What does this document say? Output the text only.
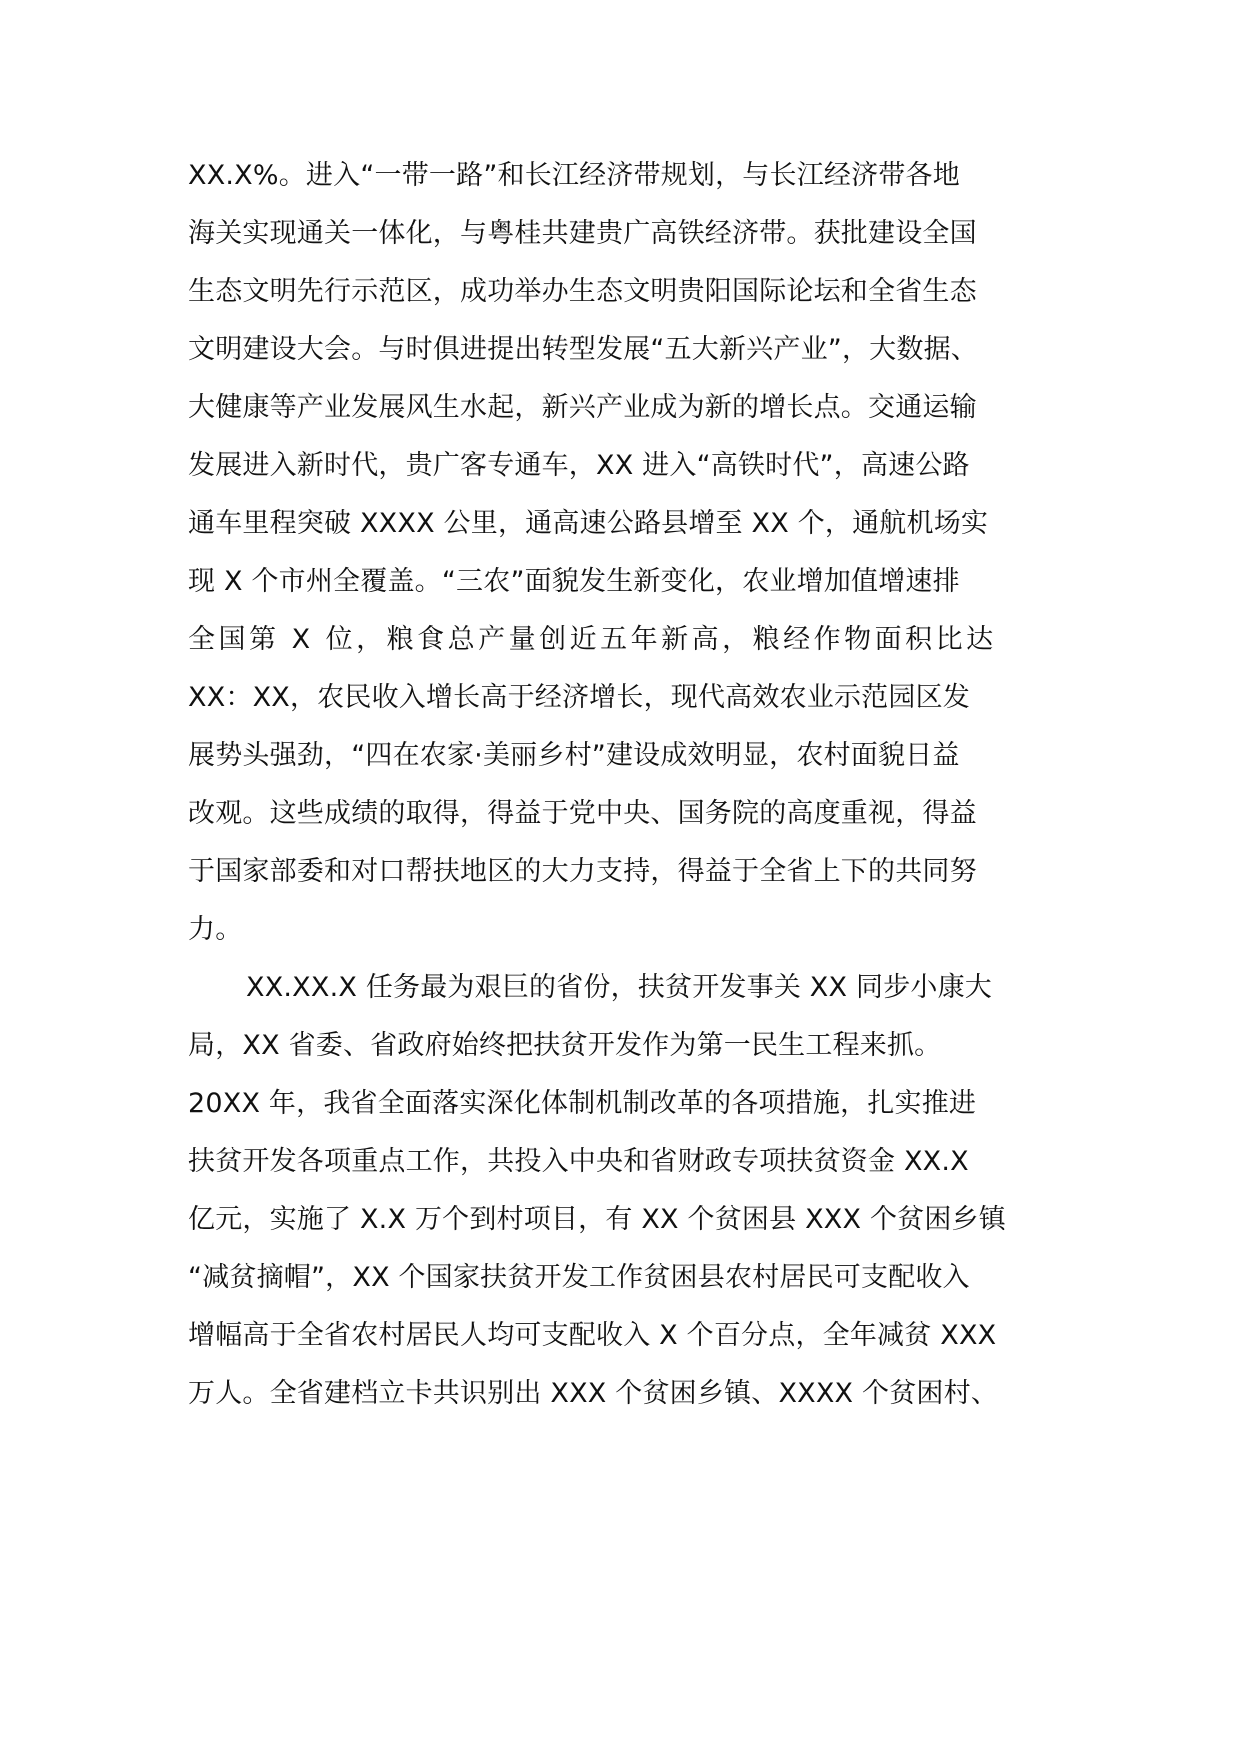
XX.X%。进入“一带一路”和长江经济带规划，与长江经济带各地
海关实现通关一体化，与粤桂共建贵广高铁经济带。获批建设全国
生态文明先行示范区，成功举办生态文明贵阳国际论坛和全省生态
文明建设大会。与时俱进提出转型发展“五大新兴产业”，大数据、
大健康等产业发展风生水起，新兴产业成为新的增长点。交通运输
发展进入新时代，贵广客专通车，XX 进入“高铁时代”，高速公路
通车里程突破 XXXX 公里，通高速公路县增至 XX 个，通航机场实
现 X 个市州全覆盖。“三农”面貌发生新变化，农业增加值增速排
全国第 X 位，粮食总产量创近五年新高，粮经作物面积比达
XX：XX，农民收入增长高于经济增长，现代高效农业示范园区发
展势头强劲，“四在农家·美丽乡村”建设成效明显，农村面貌日益
改观。这些成绩的取得，得益于党中央、国务院的高度重视，得益
于国家部委和对口帮扶地区的大力支持，得益于全省上下的共同努
力。
XX.XX.X 任务最为艰巨的省份，扶贫开发事关 XX 同步小康大
局，XX 省委、省政府始终把扶贫开发作为第一民生工程来抓。
20XX 年，我省全面落实深化体制机制改革的各项措施，扎实推进
扶贫开发各项重点工作，共投入中央和省财政专项扶贫资金 XX.X
亿元，实施了 X.X 万个到村项目，有 XX 个贫困县 XXX 个贫困乡镇
“减贫摘帽”，XX 个国家扶贫开发工作贫困县农村居民可支配收入
增幅高于全省农村居民人均可支配收入 X 个百分点，全年减贫 XXX
万人。全省建档立卡共识别出 XXX 个贫困乡镇、XXXX 个贫困村、
